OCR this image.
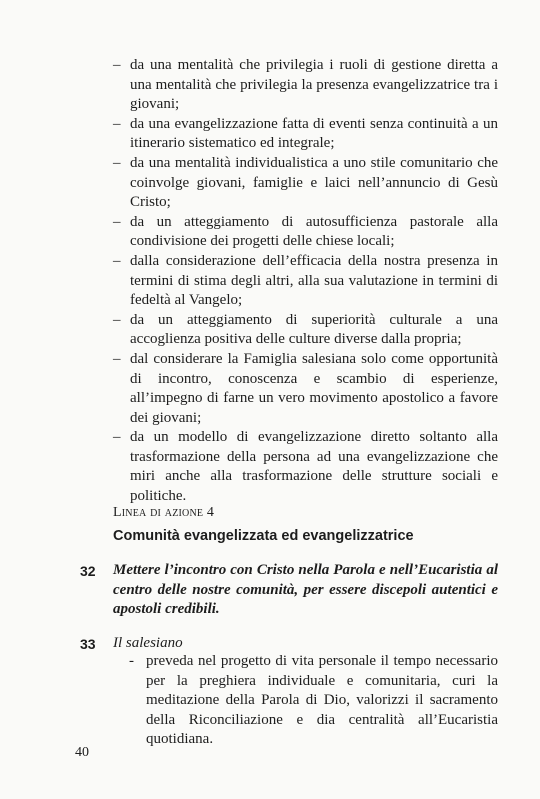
– da una mentalità che privilegia i ruoli di gestione diretta a una mentalità che privilegia la presenza evangelizzatrice tra i giovani;
– da una evangelizzazione fatta di eventi senza continuità a un itinerario sistematico ed integrale;
– da una mentalità individualistica a uno stile comunitario che coinvolge giovani, famiglie e laici nell’annuncio di Gesù Cristo;
– da un atteggiamento di autosufficienza pastorale alla condivisione dei progetti delle chiese locali;
– dalla considerazione dell’efficacia della nostra presenza in termini di stima degli altri, alla sua valutazione in termini di fedeltà al Vangelo;
– da un atteggiamento di superiorità culturale a una accoglienza positiva delle culture diverse dalla propria;
– dal considerare la Famiglia salesiana solo come opportunità di incontro, conoscenza e scambio di esperienze, all’impegno di farne un vero movimento apostolico a favore dei giovani;
– da un modello di evangelizzazione diretto soltanto alla trasformazione della persona ad una evangelizzazione che miri anche alla trasformazione delle strutture sociali e politiche.
Linea di azione 4
Comunità evangelizzata ed evangelizzatrice
32 Mettere l’incontro con Cristo nella Parola e nell’Eucaristia al centro delle nostre comunità, per essere discepoli autentici e apostoli credibili.
33 Il salesiano
- preveda nel progetto di vita personale il tempo necessario per la preghiera individuale e comunitaria, curi la meditazione della Parola di Dio, valorizzi il sacramento della Riconciliazione e dia centralità all’Eucaristia quotidiana.
40
